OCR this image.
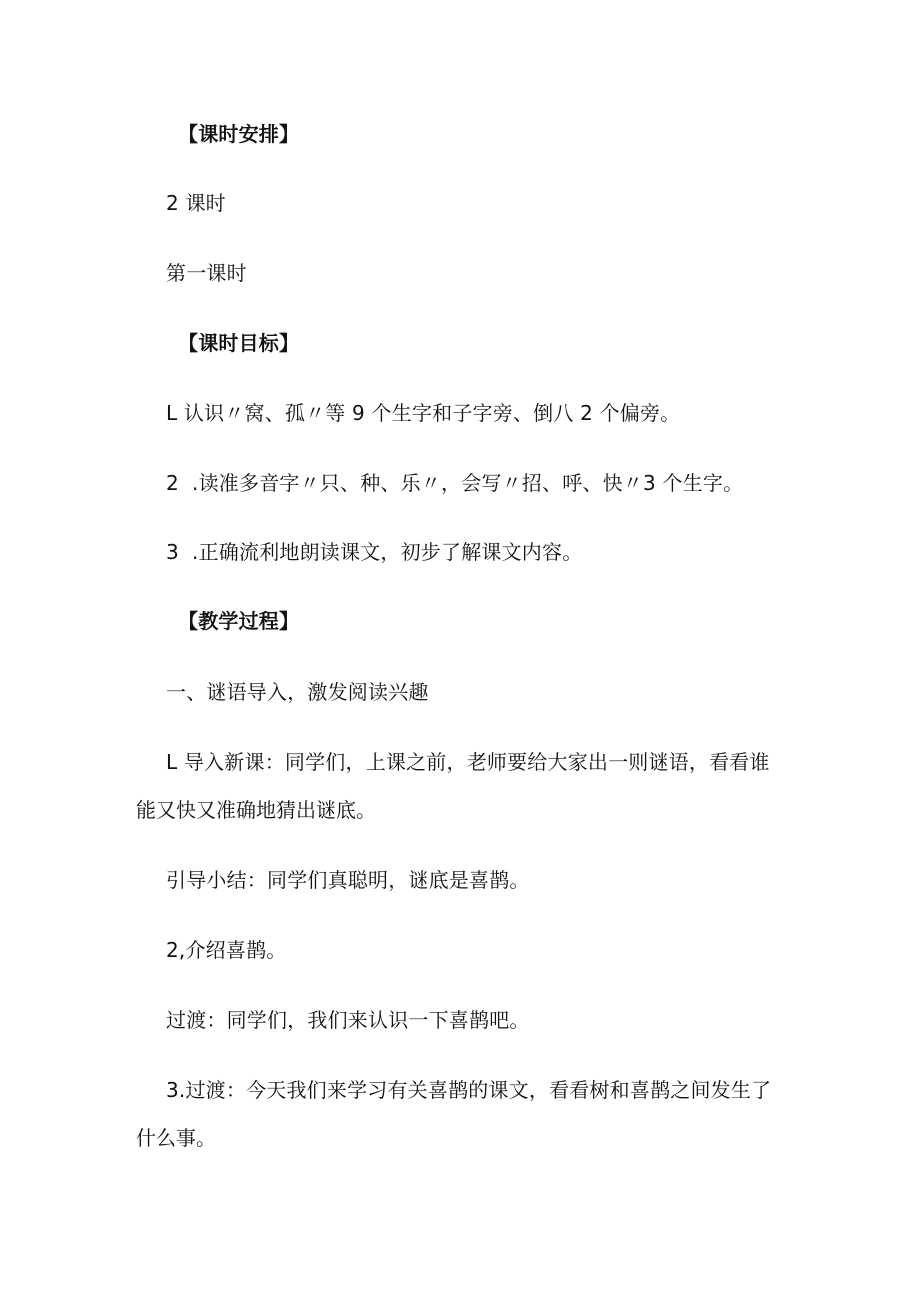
【课时安排】
2 课时
第一课时
【课时目标】
L 认识〃窝、孤〃等 9 个生字和子字旁、倒八 2 个偏旁。
2  .读准多音字〃只、种、乐〃，会写〃招、呼、快〃3 个生字。
3  .正确流利地朗读课文，初步了解课文内容。
【教学过程】
一、谜语导入，激发阅读兴趣
L 导入新课：同学们，上课之前，老师要给大家出一则谜语，看看谁
能又快又准确地猜出谜底。
引导小结：同学们真聪明，谜底是喜鹊。
2,介绍喜鹊。
过渡：同学们，我们来认识一下喜鹊吧。
3.过渡：今天我们来学习有关喜鹊的课文，看看树和喜鹊之间发生了
什么事。
